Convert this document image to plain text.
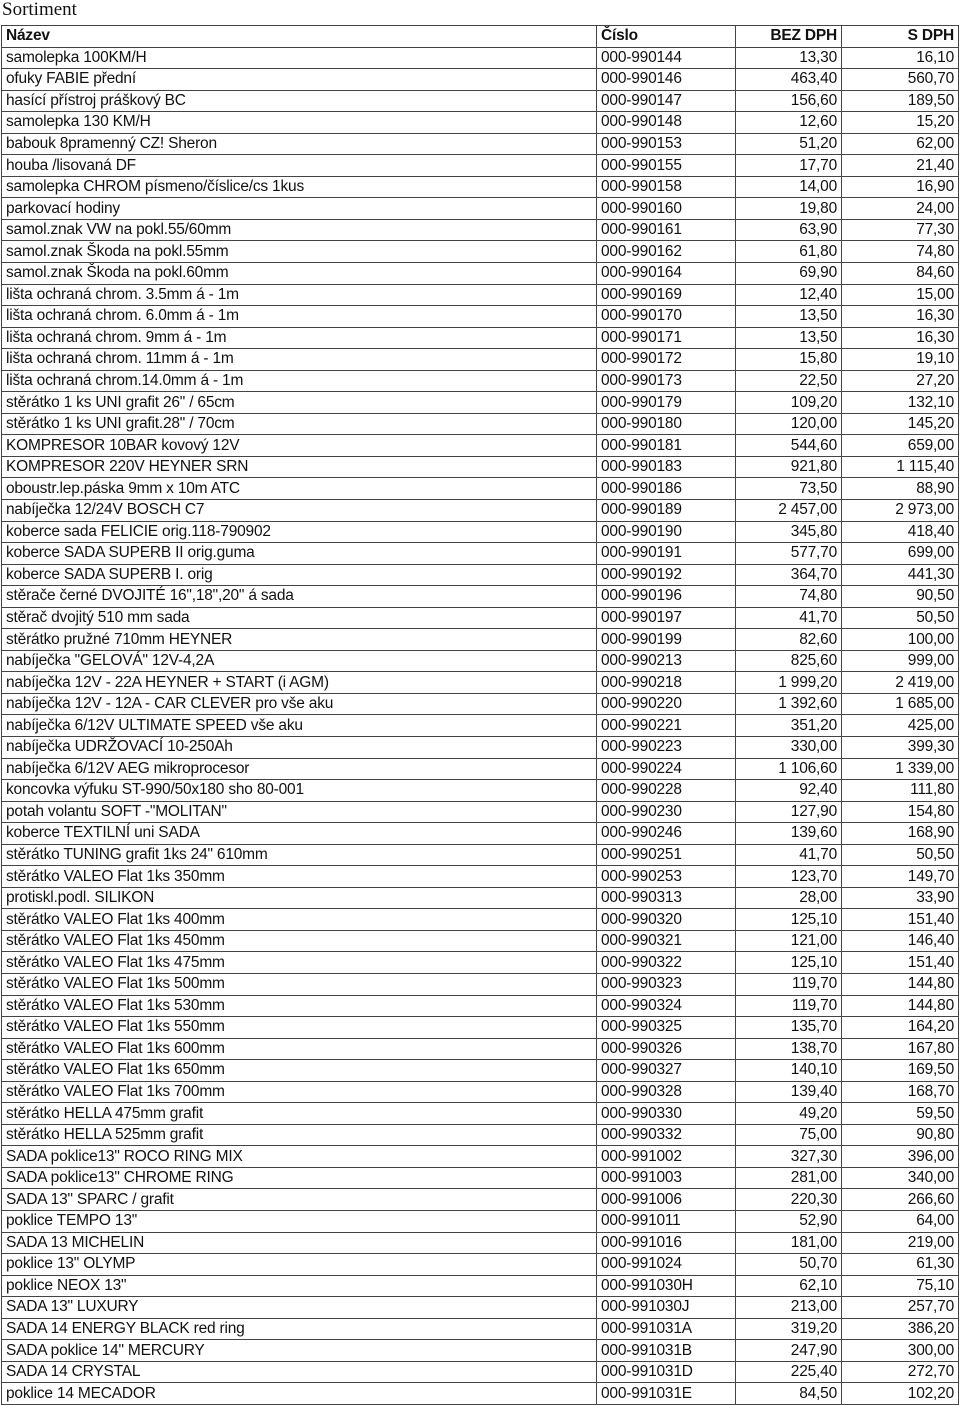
Sortiment
Název	Číslo	BEZ DPH	S DPH
samolepka 100KM/H	000-990144	13,30	16,10
ofuky FABIE přední	000-990146	463,40	560,70
hasící přístroj práškový BC	000-990147	156,60	189,50
samolepka 130 KM/H	000-990148	12,60	15,20
babouk 8pramenný CZ! Sheron	000-990153	51,20	62,00
houba /lisovaná DF	000-990155	17,70	21,40
samolepka CHROM písmeno/číslice/cs 1kus	000-990158	14,00	16,90
parkovací hodiny	000-990160	19,80	24,00
samol.znak VW na pokl.55/60mm	000-990161	63,90	77,30
samol.znak Škoda na pokl.55mm	000-990162	61,80	74,80
samol.znak Škoda na pokl.60mm	000-990164	69,90	84,60
lišta ochraná chrom. 3.5mm á - 1m	000-990169	12,40	15,00
lišta ochraná chrom. 6.0mm á - 1m	000-990170	13,50	16,30
lišta ochraná chrom. 9mm á - 1m	000-990171	13,50	16,30
lišta ochraná chrom. 11mm á - 1m	000-990172	15,80	19,10
lišta ochraná chrom.14.0mm á - 1m	000-990173	22,50	27,20
stěrátko 1 ks UNI grafit 26" / 65cm	000-990179	109,20	132,10
stěrátko 1 ks UNI grafit.28" / 70cm	000-990180	120,00	145,20
KOMPRESOR 10BAR kovový 12V	000-990181	544,60	659,00
KOMPRESOR 220V HEYNER SRN	000-990183	921,80	1 115,40
oboustr.lep.páska 9mm x 10m ATC	000-990186	73,50	88,90
nabíječka 12/24V BOSCH C7	000-990189	2 457,00	2 973,00
koberce sada FELICIE orig.118-790902	000-990190	345,80	418,40
koberce SADA SUPERB II orig.guma	000-990191	577,70	699,00
koberce SADA SUPERB I. orig	000-990192	364,70	441,30
stěrače černé DVOJITÉ 16",18",20" á sada	000-990196	74,80	90,50
stěrač dvojitý 510 mm sada	000-990197	41,70	50,50
stěrátko pružné 710mm HEYNER	000-990199	82,60	100,00
nabíječka "GELOVÁ" 12V-4,2A	000-990213	825,60	999,00
nabíječka 12V - 22A HEYNER + START (i AGM)	000-990218	1 999,20	2 419,00
nabíječka 12V - 12A - CAR CLEVER pro vše aku	000-990220	1 392,60	1 685,00
nabíječka 6/12V ULTIMATE SPEED vše aku	000-990221	351,20	425,00
nabíječka UDRŽOVACÍ 10-250Ah	000-990223	330,00	399,30
nabíječka 6/12V AEG mikroprocesor	000-990224	1 106,60	1 339,00
koncovka výfuku ST-990/50x180 sho 80-001	000-990228	92,40	111,80
potah volantu SOFT -"MOLITAN"	000-990230	127,90	154,80
koberce TEXTILNÍ uni SADA	000-990246	139,60	168,90
stěrátko TUNING grafit 1ks 24" 610mm	000-990251	41,70	50,50
stěrátko VALEO Flat 1ks 350mm	000-990253	123,70	149,70
protiskl.podl. SILIKON	000-990313	28,00	33,90
stěrátko VALEO Flat 1ks 400mm	000-990320	125,10	151,40
stěrátko VALEO Flat 1ks 450mm	000-990321	121,00	146,40
stěrátko VALEO Flat 1ks 475mm	000-990322	125,10	151,40
stěrátko VALEO Flat 1ks 500mm	000-990323	119,70	144,80
stěrátko VALEO Flat 1ks 530mm	000-990324	119,70	144,80
stěrátko VALEO Flat 1ks 550mm	000-990325	135,70	164,20
stěrátko VALEO Flat 1ks 600mm	000-990326	138,70	167,80
stěrátko VALEO Flat 1ks 650mm	000-990327	140,10	169,50
stěrátko VALEO Flat 1ks 700mm	000-990328	139,40	168,70
stěrátko HELLA 475mm grafit	000-990330	49,20	59,50
stěrátko HELLA 525mm grafit	000-990332	75,00	90,80
SADA poklice13" ROCO RING MIX	000-991002	327,30	396,00
SADA poklice13" CHROME RING	000-991003	281,00	340,00
SADA 13" SPARC / grafit	000-991006	220,30	266,60
poklice TEMPO 13"	000-991011	52,90	64,00
SADA 13 MICHELIN	000-991016	181,00	219,00
poklice 13" OLYMP	000-991024	50,70	61,30
poklice NEOX 13"	000-991030H	62,10	75,10
SADA 13" LUXURY	000-991030J	213,00	257,70
SADA 14 ENERGY BLACK red ring	000-991031A	319,20	386,20
SADA poklice 14" MERCURY	000-991031B	247,90	300,00
SADA 14 CRYSTAL	000-991031D	225,40	272,70
poklice 14 MECADOR	000-991031E	84,50	102,20
